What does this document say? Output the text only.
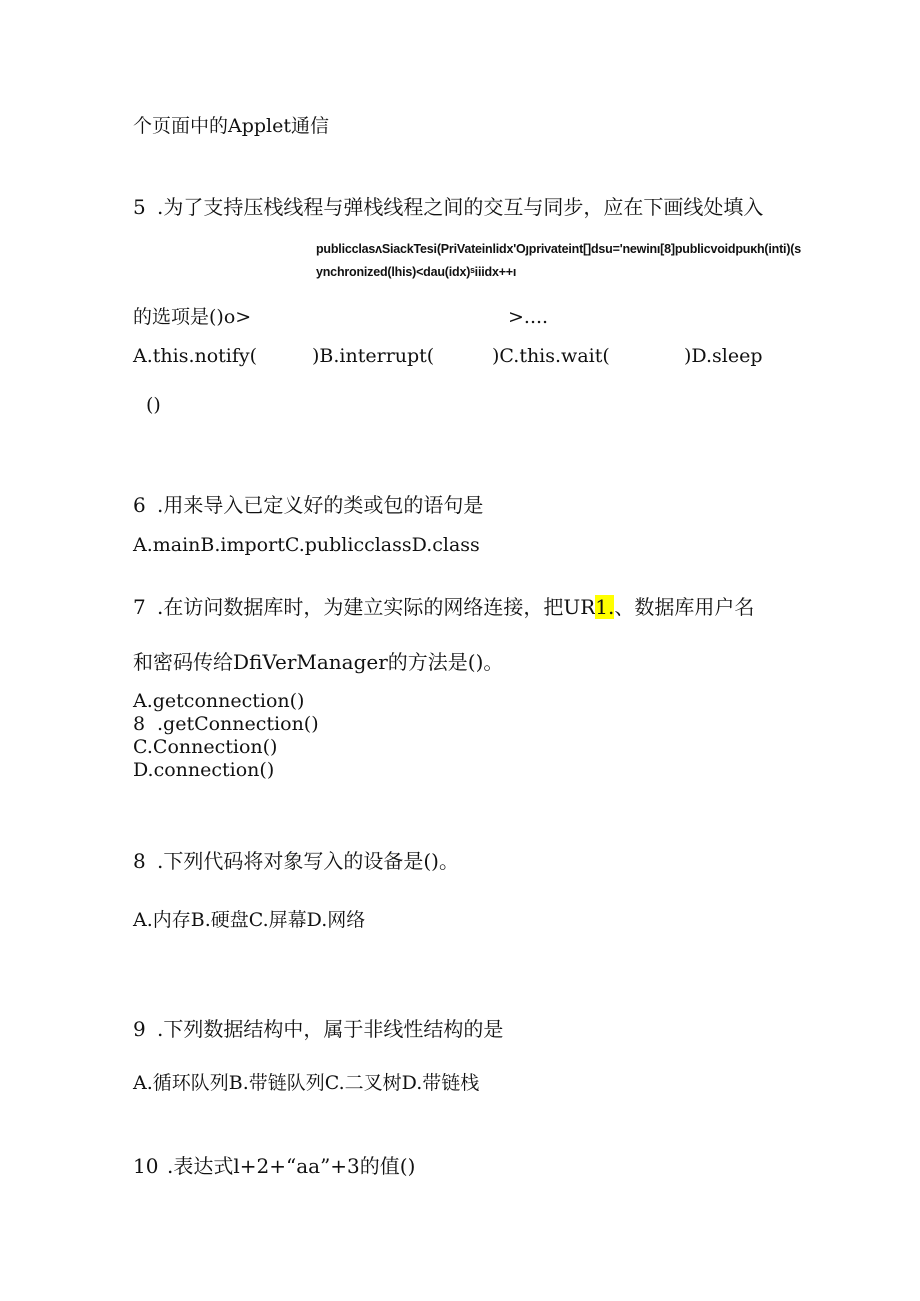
个页面中的Applet通信
5 .为了支持压栈线程与弹栈线程之间的交互与同步，应在下画线处填入
publicclasʌSiackTesi(PriVateinlidx'Οȷprivateint[]dsu='newinı[8]publicvoidpuκh(inti)(s
ynchronized(lhis)<dau(idx)ˢiiidx++ı
的选项是()o>	>....
A.this.notify(	)B.interrupt(	)C.this.wait(	)D.sleep
()
6 .用来导入已定义好的类或包的语句是
A.mainB.importC.publicclassD.class
7 .在访问数据库时，为建立实际的网络连接，把UR1.、数据库用户名
和密码传给DfiVerManager的方法是()。
A.getconnection()
8 .getConnection()
C.Connection()
D.connection()
8 .下列代码将对象写入的设备是()。
A.内存B.硬盘C.屏幕D.网络
9 .下列数据结构中，属于非线性结构的是
A.循环队列B.带链队列C.二叉树D.带链栈
10 .表达式l+2+“aa”+3的值()
